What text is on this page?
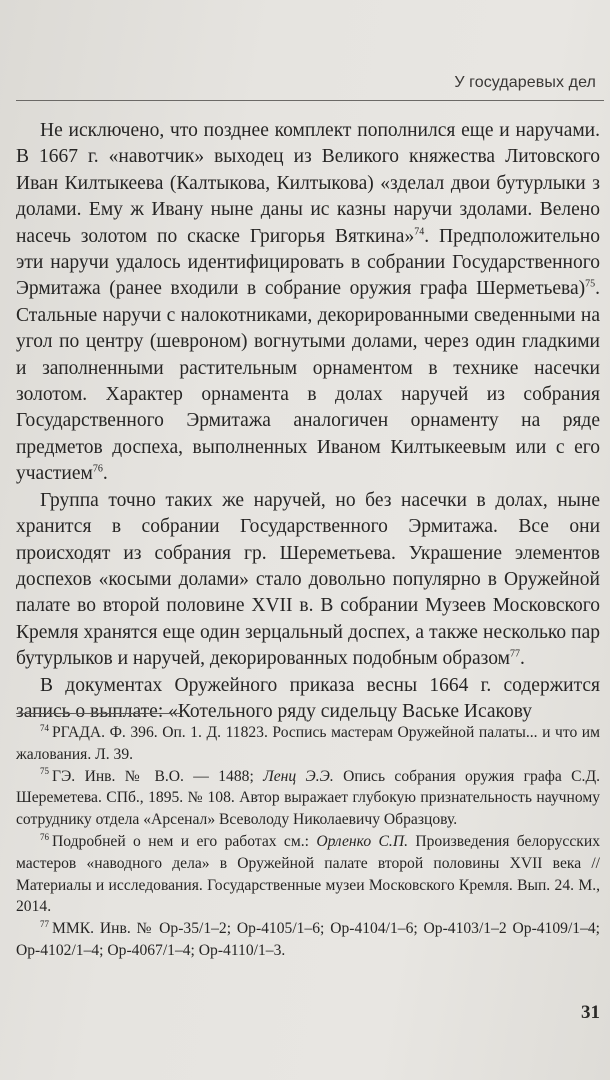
У государевых дел

Не исключено, что позднее комплект пополнился еще и наручами. В 1667 г. «навотчик» выходец из Великого княжества Литовского Иван Килтыкеева (Калтыкова, Килтыкова) «зделал двои бутурлыки з долами. Ему ж Ивану ныне даны ис казны наручи здолами. Велено насечь золотом по скаске Григорья Вяткина»$^{74}$. Предположительно эти наручи удалось идентифицировать в собрании Государственного Эрмитажа (ранее входили в собрание оружия графа Шерметьева)$^{75}$. Стальные наручи с налокотниками, декорированными сведенными на угол по центру (шевроном) вогнутыми долами, через один гладкими и заполненными растительным орнаментом в технике насечки золотом. Характер орнамента в долах наручей из собрания Государственного Эрмитажа аналогичен орнаменту на ряде предметов доспеха, выполненных Иваном Килтыкеевым или с его участием$^{76}$.

Группа точно таких же наручей, но без насечки в долах, ныне хранится в собрании Государственного Эрмитажа. Все они происходят из собрания гр. Шереметьева. Украшение элементов доспехов «косыми долами» стало довольно популярно в Оружейной палате во второй половине XVII в. В собрании Музеев Московского Кремля хранятся еще один зерцальный доспех, а также несколько пар бутурлыков и наручей, декорированных подобным образом$^{77}$.

В документах Оружейного приказа весны 1664 г. содержится запись о выплате: «Котельного ряду сидельцу Ваське Исакову

$^{74}$ РГАДА. Ф. 396. Оп. 1. Д. 11823. Роспись мастерам Оружейной палаты... и что им жалования. Л. 39.

$^{75}$ ГЭ. Инв. № В.О. — 1488; Ленц Э.Э. Опись собрания оружия графа С.Д. Шереметева. СПб., 1895. № 108. Автор выражает глубокую признательность научному сотруднику отдела «Арсенал» Всеволоду Николаевичу Образцову.

$^{76}$ Подробней о нем и его работах см.: Орленко С.П. Произведения белорусских мастеров «наводного дела» в Оружейной палате второй половины XVII века // Материалы и исследования. Государственные музеи Московского Кремля. Вып. 24. М., 2014.

$^{77}$ ММК. Инв. № Ор-35/1–2; Ор-4105/1–6; Ор-4104/1–6; Ор-4103/1–2 Ор-4109/1–4; Ор-4102/1–4; Ор-4067/1–4; Ор-4110/1–3.

31
